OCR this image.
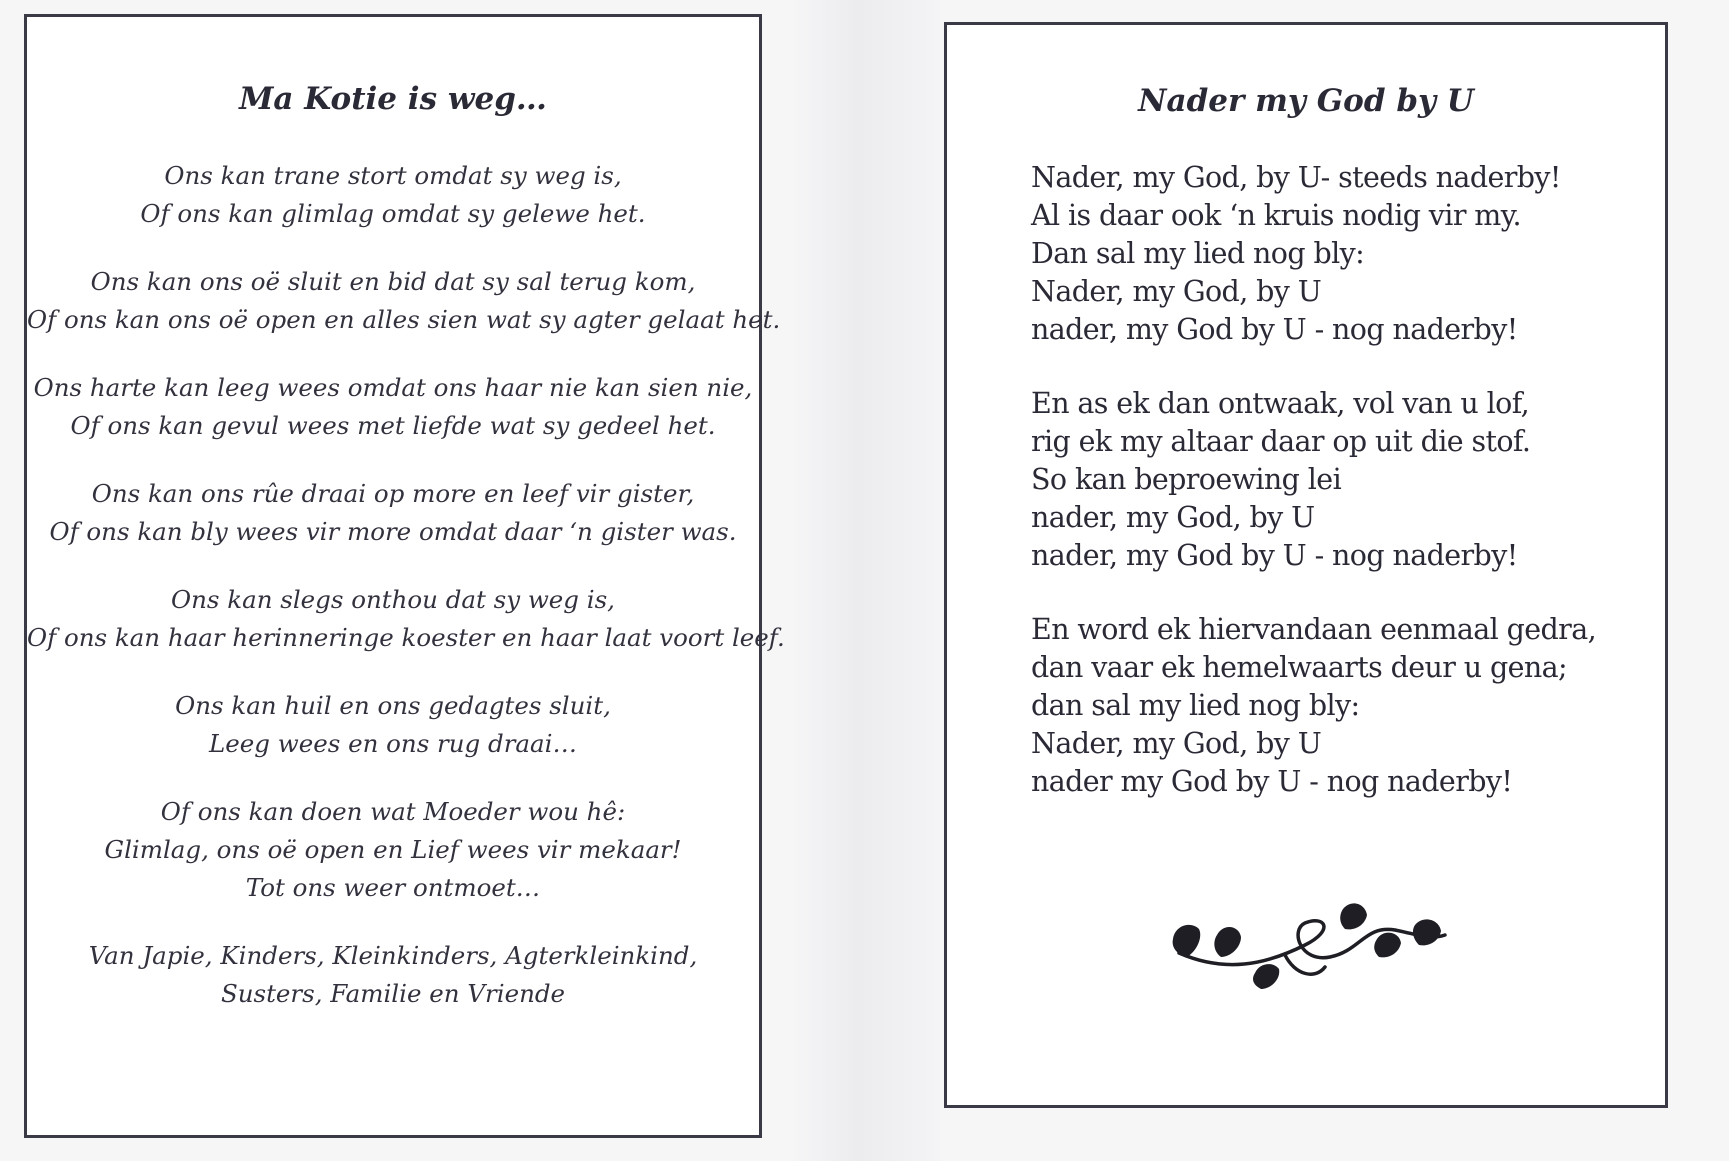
Ma Kotie is weg…

Ons kan trane stort omdat sy weg is,
Of ons kan glimlag omdat sy gelewe het.

Ons kan ons oë sluit en bid dat sy sal terug kom,
Of ons kan ons oë open en alles sien wat sy agter gelaat het.

Ons harte kan leeg wees omdat ons haar nie kan sien nie,
Of ons kan gevul wees met liefde wat sy gedeel het.

Ons kan ons rûe draai op more en leef vir gister,
Of ons kan bly wees vir more omdat daar ‘n gister was.

Ons kan slegs onthou dat sy weg is,
Of ons kan haar herinneringe koester en haar laat voort leef.

Ons kan huil en ons gedagtes sluit,
Leeg wees en ons rug draai…

Of ons kan doen wat Moeder wou hê:
Glimlag, ons oë open en Lief wees vir mekaar!
Tot ons weer ontmoet…

Van Japie, Kinders, Kleinkinders, Agterkleinkind,
Susters, Familie en Vriende

Nader my God by U

Nader, my God, by U- steeds naderby!
Al is daar ook ‘n kruis nodig vir my.
Dan sal my lied nog bly:
Nader, my God, by U
nader, my God by U - nog naderby!

En as ek dan ontwaak, vol van u lof,
rig ek my altaar daar op uit die stof.
So kan beproewing lei
nader, my God, by U
nader, my God by U - nog naderby!

En word ek hiervandaan eenmaal gedra,
dan vaar ek hemelwaarts deur u gena;
dan sal my lied nog bly:
Nader, my God, by U
nader my God by U - nog naderby!
